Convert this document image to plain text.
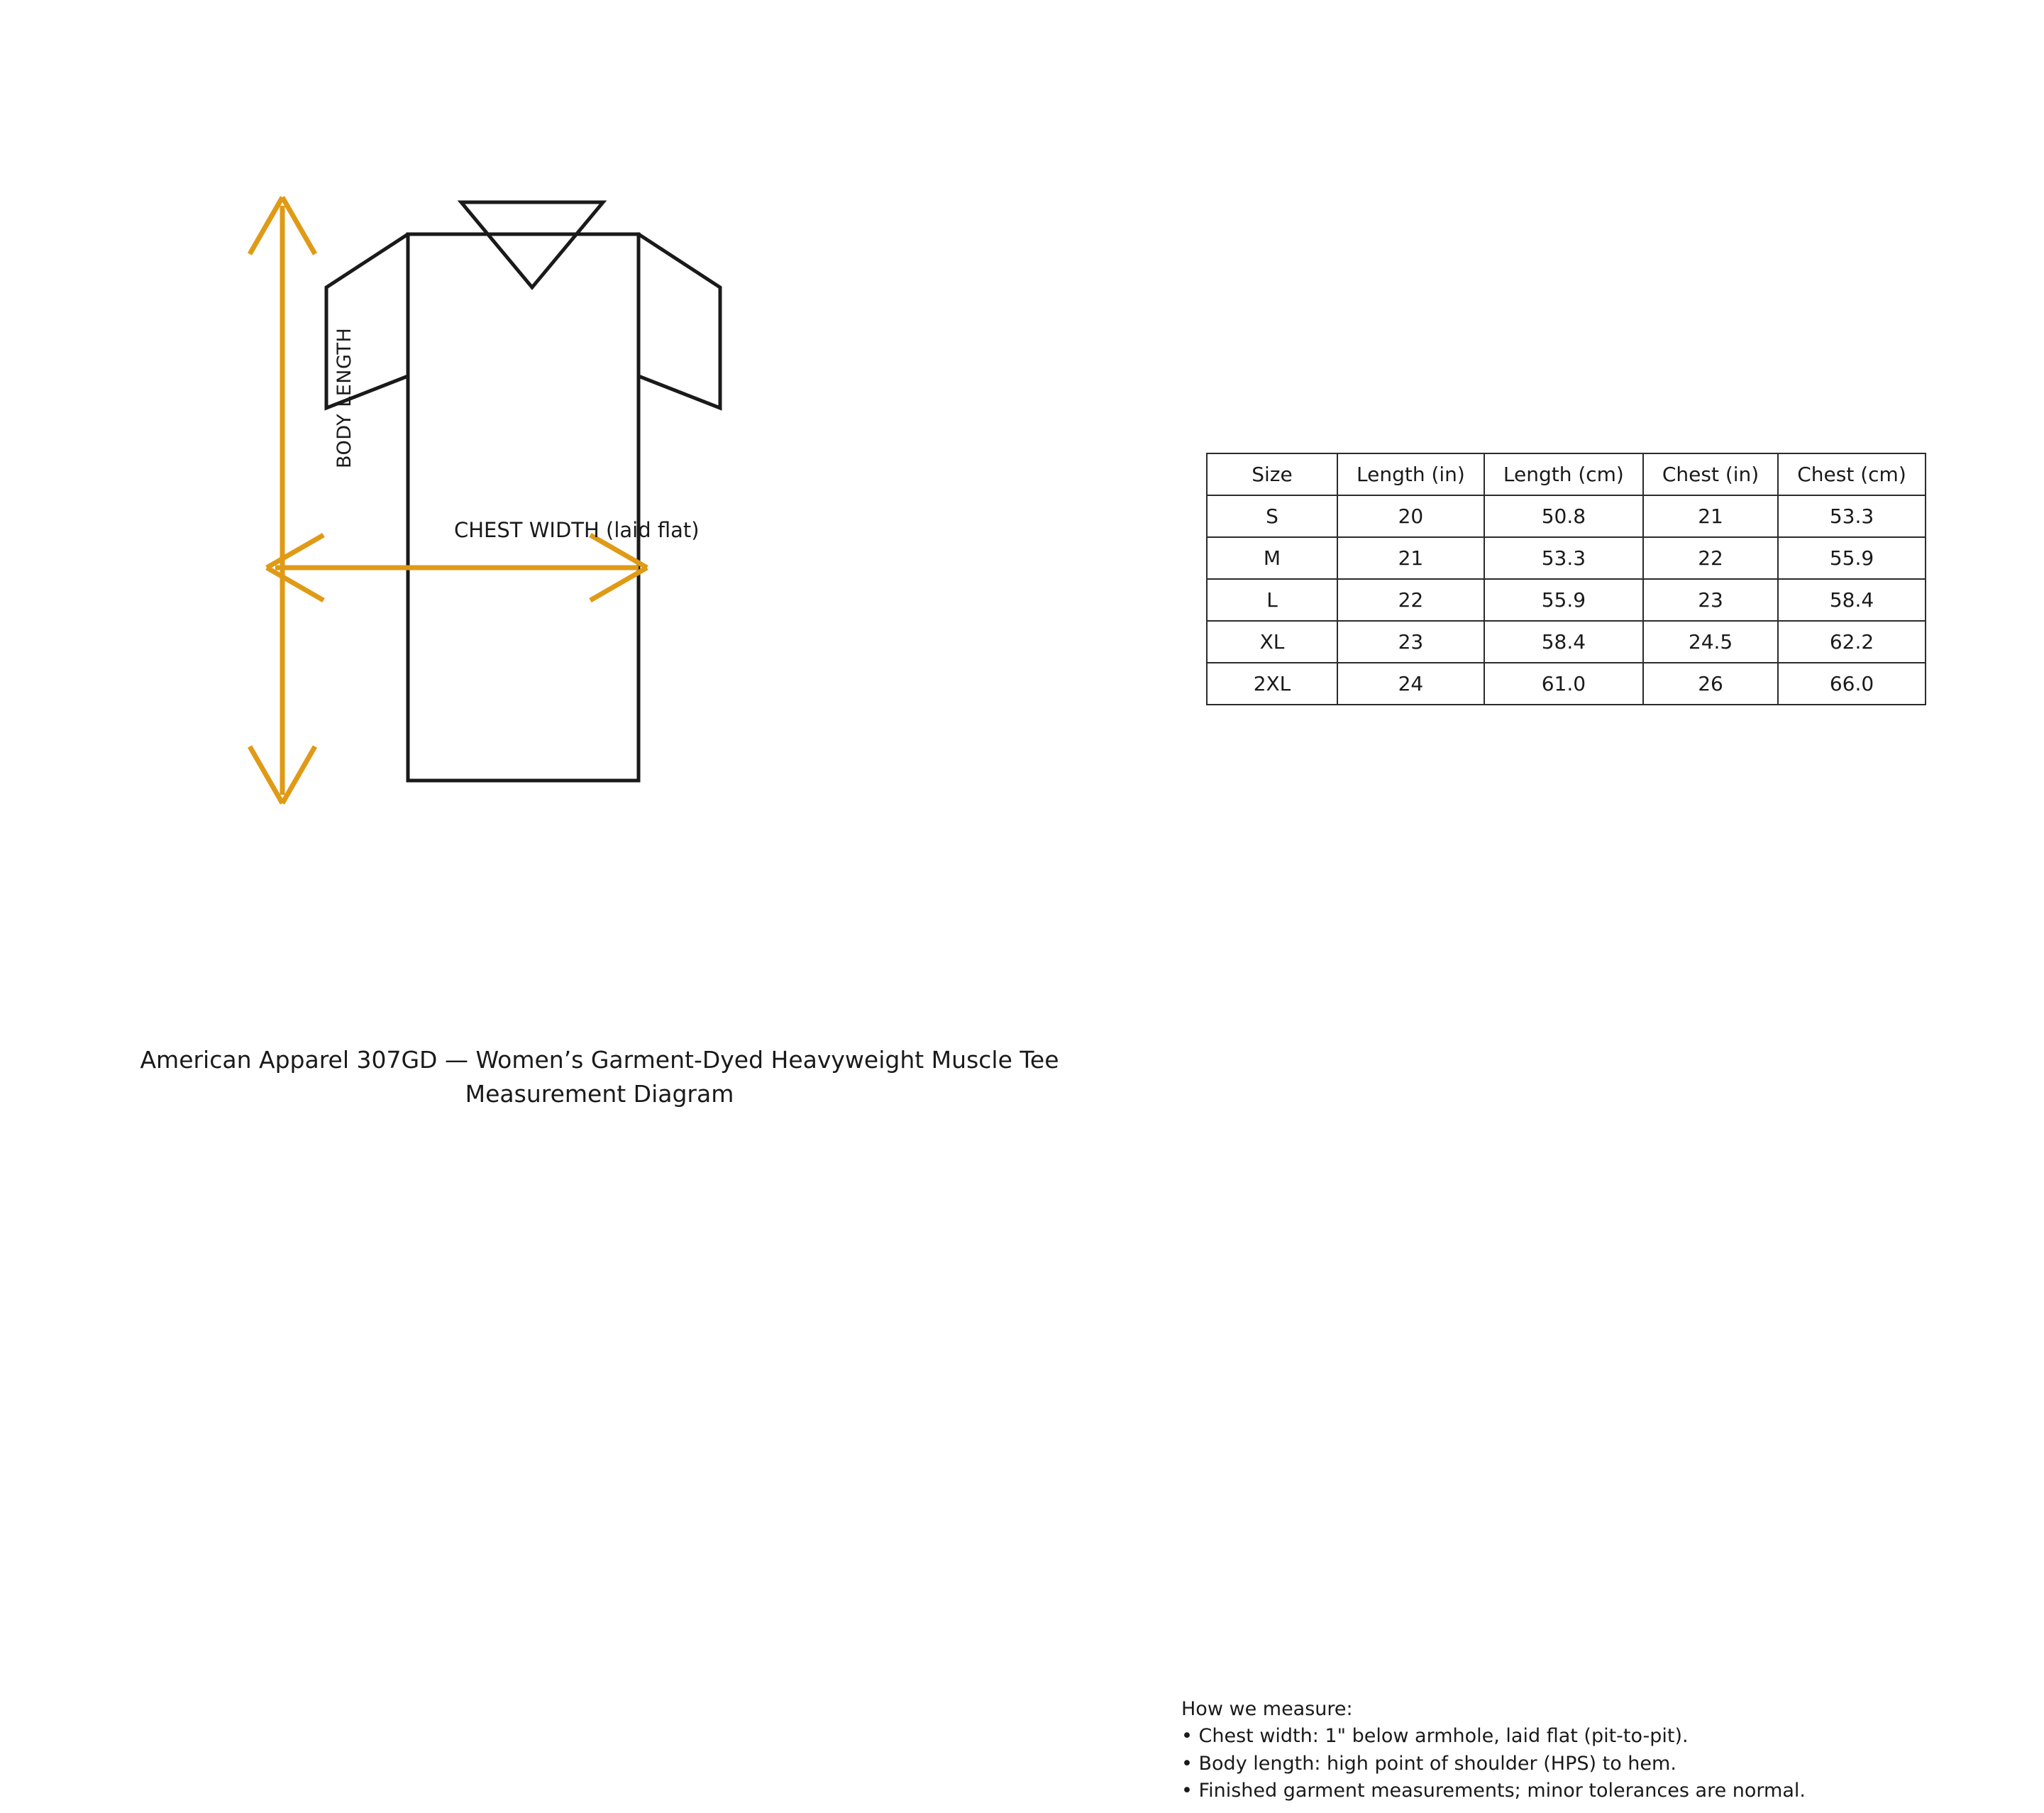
BODY LENGTH
CHEST WIDTH (laid flat)
Size	Length (in)	Length (cm)	Chest (in)	Chest (cm)
S	20	50.8	21	53.3
M	21	53.3	22	55.9
L	22	55.9	23	58.4
XL	23	58.4	24.5	62.2
2XL	24	61.0	26	66.0
American Apparel 307GD — Women’s Garment-Dyed Heavyweight Muscle Tee
Measurement Diagram
How we measure:
• Chest width: 1" below armhole, laid flat (pit-to-pit).
• Body length: high point of shoulder (HPS) to hem.
• Finished garment measurements; minor tolerances are normal.
